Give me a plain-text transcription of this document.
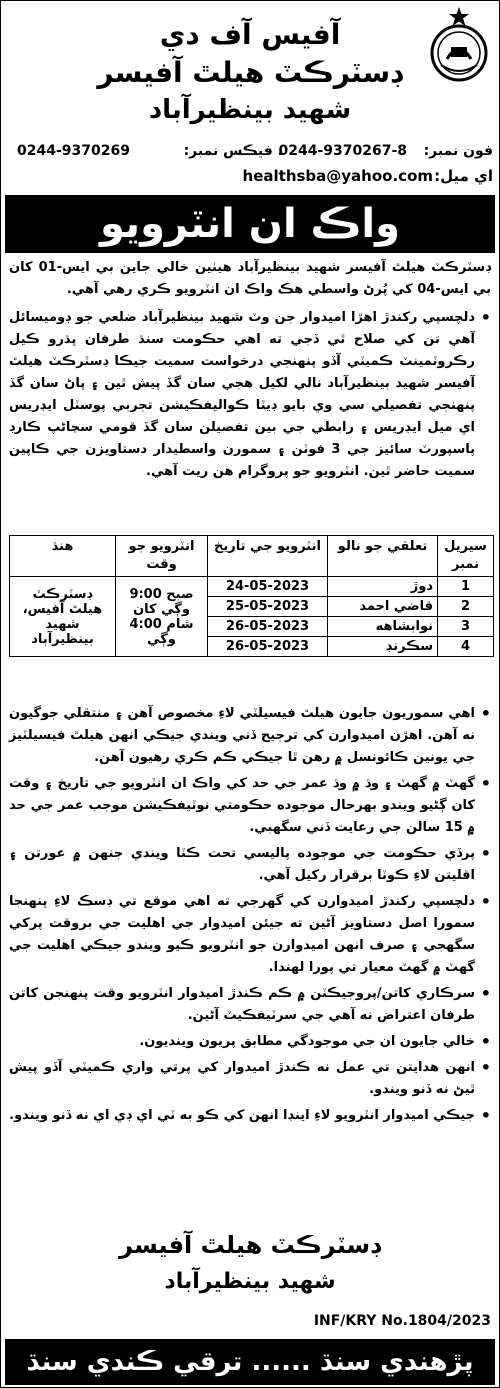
آفيس آف دي
ڊسٽرڪٽ هيلٿ آفيسر
شهيد بينظيرآباد
فون نمبر:
0244-9370267-8
، فيڪس نمبر:
0244-9370269
اي ميل:
healthsba@yahoo.com
واڪ ان انٽرويو
ڊسٽرڪٽ هيلٿ آفيسر شهيد بينظيرآباد هيٺين خالي جاين بي ايس-01 کان بي ايس-04 کي پُرڻ واسطي هڪ واڪ ان انٽرويو ڪري رهي آهي.

• دلچسپي رکندڙ اهڙا اميدوار جن وٽ شهيد بينظيرآباد ضلعي جو ڊوميسائل آهي تن کي صلاح ٿي ڏجي ته اهي حڪومت سنڌ طرفان پڌرو ڪيل رڪروٽمينٽ ڪميٽي آڏو پنهنجي درخواست سميت جيڪا ڊسٽرڪٽ هيلٿ آفيسر شهيد بينظيرآباد نالي لکيل هجي سان گڏ پيش ٿين ۽ پاڻ سان گڏ پنهنجي تفصيلي سي وي بايو ڊيٽا ڪواليفڪيشن تجربي پوسٽل ايڊريس اي ميل ايڊريس ۽ رابطي جي بين تفصيلن سان گڏ قومي سڃاڻپ ڪارڊ پاسپورٽ سائيز جي 3 فوٽن ۽ سمورن واسطيدار دستاويزن جي ڪاپين سميت حاضر ٿين. انٽرويو جو پروگرام هن ريت آهي.

سيريل نمبر	تعلقي جو نالو	انٽرويو جي تاريخ	انٽرويو جو وقت	هنڌ
1	دوڙ	24-05-2023	صبح 9:00 وڳي کان شام 4:00 وڳي	ڊسٽرڪٽ هيلٿ آفيس، شهيد بينظيرآباد
2	قاضي احمد	25-05-2023		
3	نوابشاهه	26-05-2023		
4	سڪرنڊ	26-05-2023		

• اهي سموريون جايون هيلٿ فيسيلٽي لاءِ مخصوص آهن ۽ منتقلي جوگيون نه آهن. اهڙن اميدوارن کي ترجيح ڏني ويندي جيڪي انهن هيلٿ فيسيلٽيز جي يونين ڪائونسل ۾ رهن ٿا جيڪي ڪم ڪري رهيون آهن.

• گهٽ ۾ گهٽ ۽ وڌ ۾ وڌ عمر جي حد کي واڪ ان انٽرويو جي تاريخ ۽ وقت کان ڳڻيو ويندو بهرحال موجوده حڪومتي نوٽيفڪيشن موجب عمر جي حد ۾ 15 سالن جي رعايت ڏني سگهبي.

• پرڏي حڪومت جي موجوده پاليسي تحت ڪٽا ويندي جنهن ۾ عورتن ۽ اقليتن لاءِ ڪوٽا برقرار رکيل آهي.

• دلچسپي رکندڙ اميدوارن کي گهرجي ته اهي موقع تي ڊسڪ لاءِ پنهنجا سمورا اصل دستاويز آڻين ته جيئن اميدوار جي اهليت جي بروقت پرکي سگهجي ۽ صرف انهن اميدوارن جو انٽرويو ڪيو ويندو جيڪي اهليت جي گهٽ ۾ گهٽ معيار تي پورا لهندا.

• سرڪاري کاتن/پروجيڪٽن ۾ ڪم ڪندڙ اميدوار انٽرويو وقت پنهنجن کاتن طرفان اعتراض نه آهي جي سرٽيفڪيٽ آڻين.

• خالي جايون ان جي موجودگي مطابق پريون وينديون.

• انهن هدايتن تي عمل نه ڪندڙ اميدوار کي پرتي واري ڪميٽي آڏو پيش ٿيڻ نه ڏنو ويندو.

• جيڪي اميدوار انٽرويو لاءِ اينڊا انهن کي ڪو به ٽي اي ڊي اي نه ڏنو ويندو.

ڊسٽرڪٽ هيلٿ آفيسر
شهيد بينظيرآباد
INF/KRY No.1804/2023
پڙهندي سنڌ ...... ترقي ڪندي سنڌ
